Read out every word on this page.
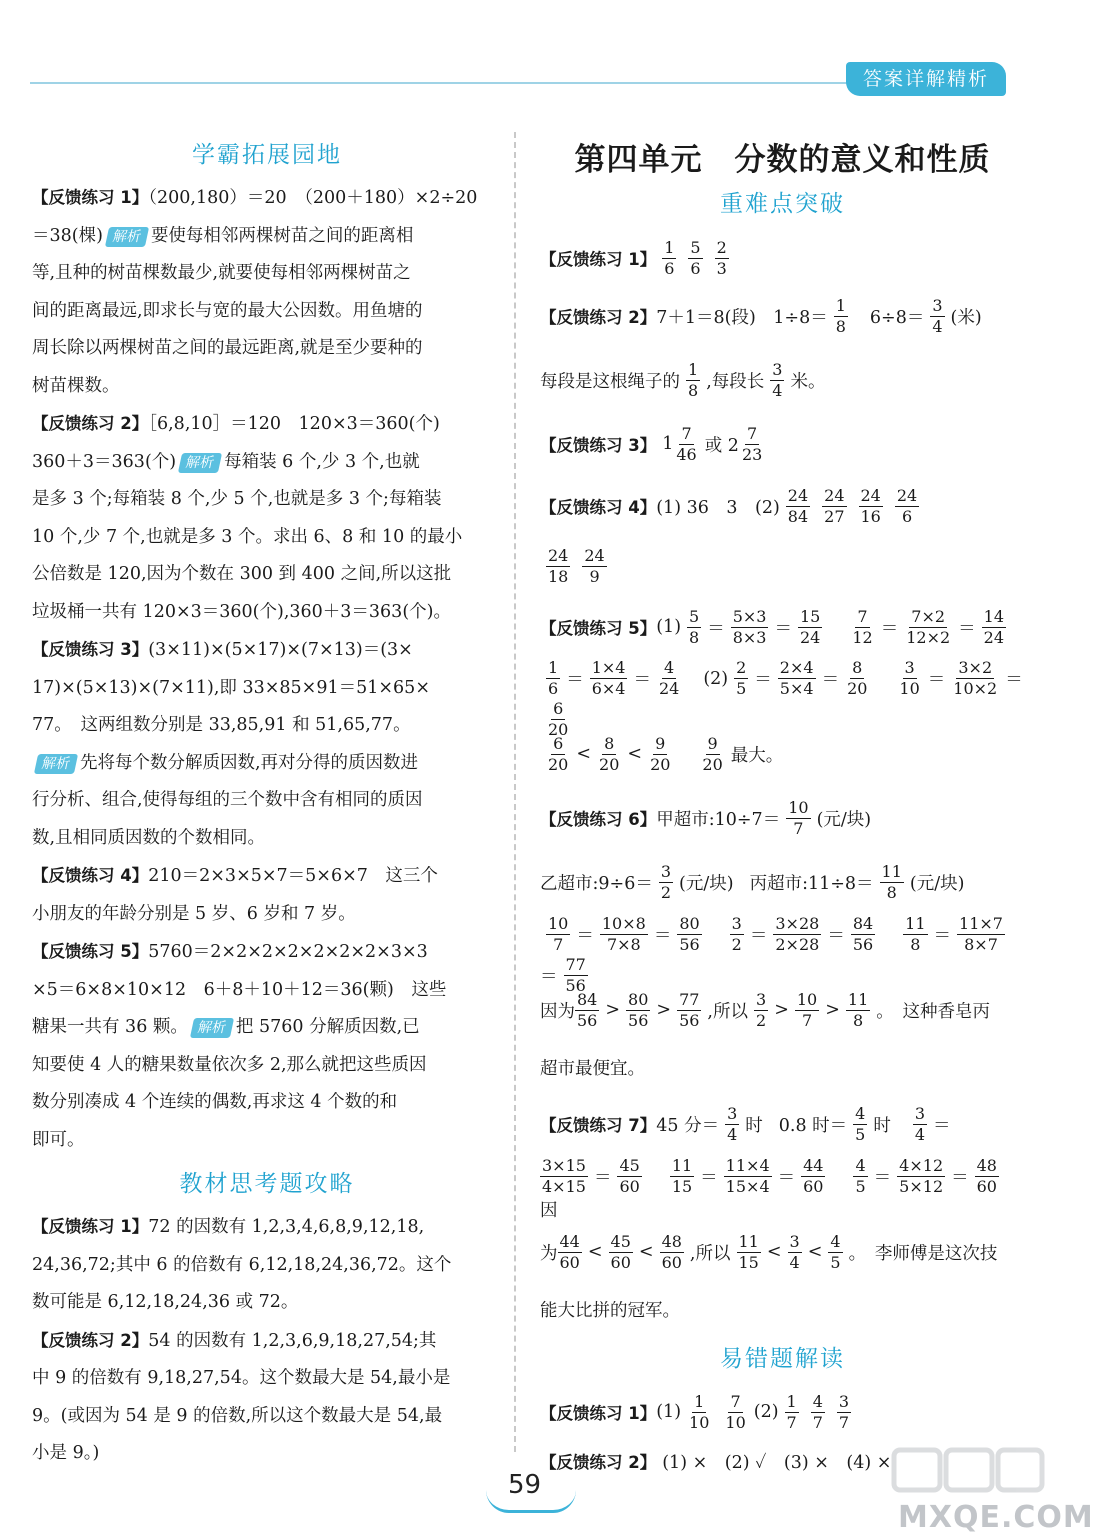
答案详解精析
学霸拓展园地

【反馈练习 1】（200,180）＝20　（200＋180）×2÷20
＝38(棵) 解析 要使每相邻两棵树苗之间的距离相
等,且种的树苗棵数最少,就要使每相邻两棵树苗之
间的距离最远,即求长与宽的最大公因数。用鱼塘的
周长除以两棵树苗之间的最远距离,就是至少要种的
树苗棵数。

【反馈练习 2】［6,8,10］＝120　120×3＝360(个)
360＋3＝363(个) 解析 每箱装 6 个,少 3 个,也就
是多 3 个;每箱装 8 个,少 5 个,也就是多 3 个;每箱装
10 个,少 7 个,也就是多 3 个。求出 6、8 和 10 的最小
公倍数是 120,因为个数在 300 到 400 之间,所以这批
垃圾桶一共有 120×3＝360(个),360＋3＝363(个)。

【反馈练习 3】(3×11)×(5×17)×(7×13)＝(3×
17)×(5×13)×(7×11),即 33×85×91＝51×65×
77。　这两组数分别是 33,85,91 和 51,65,77。
解析 先将每个数分解质因数,再对分得的质因数进
行分析、组合,使得每组的三个数中含有相同的质因
数,且相同质因数的个数相同。

【反馈练习 4】210＝2×3×5×7＝5×6×7　这三个
小朋友的年龄分别是 5 岁、6 岁和 7 岁。

【反馈练习 5】5760＝2×2×2×2×2×2×2×3×3
×5＝6×8×10×12　6＋8＋10＋12＝36(颗)　这些
糖果一共有 36 颗。 解析 把 5760 分解质因数,已
知要使 4 人的糖果数量依次多 2,那么就把这些质因
数分别凑成 4 个连续的偶数,再求这 4 个数的和
即可。

教材思考题攻略

【反馈练习 1】72 的因数有 1,2,3,4,6,8,9,12,18,
24,36,72;其中 6 的倍数有 6,12,18,24,36,72。这个
数可能是 6,12,18,24,36 或 72。

【反馈练习 2】54 的因数有 1,2,3,6,9,18,27,54;其
中 9 的倍数有 9,18,27,54。这个数最大是 54,最小是
9。(或因为 54 是 9 的倍数,所以这个数最大是 54,最
小是 9。)

第四单元　分数的意义和性质
重难点突破
【反馈练习 1】 $\frac{1}{6} \frac{5}{6} \frac{2}{3}$
【反馈练习 2】 7＋1＝8(段)　$1\div 8= \frac{1}{8} 6\div 8= \frac{3}{4}$ (米)
每段是这根绳子的 $\frac{1}{8}$ ,每段长 $\frac{3}{4}$ 米。
【反馈练习 3】 $1 \frac{7}{46}$ 或 $2 \frac{7}{23}$
【反馈练习 4】 (1) 36　3　$(2) \frac{24}{84} \frac{24}{27} \frac{24}{16} \frac{24}{6}$
$\frac{24}{18} \frac{24}{9}$
【反馈练习 5】 $(1) \frac{5}{8} = \frac{5\times 3}{8\times 3} = \frac{15}{24} \frac{7}{12} = \frac{7\times 2}{12\times 2} = \frac{14}{24}$
$\frac{1}{6} = \frac{1\times 4}{6\times 4} = \frac{4}{24} (2) \frac{2}{5} = \frac{2\times 4}{5\times 4} = \frac{8}{20} \frac{3}{10} = \frac{3\times 2}{10\times 2}$ ＝
$\frac{6}{20}$
$\frac{6}{20} < \frac{8}{20} < \frac{9}{20} \frac{9}{20}$ 最大。
【反馈练习 6】 甲超市:10÷7＝ $\frac{10}{7}$ (元/块)
乙超市:9÷6＝ $\frac{3}{2}$ (元/块) 丙超市:11÷8＝ $\frac{11}{8}$ (元/块)
$\frac{10}{7} = \frac{10\times 8}{7\times 8} = \frac{80}{56} \frac{3}{2} = \frac{3\times 28}{2\times 28} = \frac{84}{56} \frac{11}{8} = \frac{11\times 7}{8\times 7}$
＝ $\frac{77}{56}$
因为 $\frac{84}{56} > \frac{80}{56} > \frac{77}{56}$ ,所以 $\frac{3}{2} > \frac{10}{7} > \frac{11}{8}$ 。　这种香皂丙
超市最便宜。
【反馈练习 7】 45 分＝ $\frac{3}{4}$ 时 0.8 时＝ $\frac{4}{5}$ 时 $\frac{3}{4}$ ＝
$\frac{3\times 15}{4\times 15} = \frac{45}{60} \frac{11}{15} = \frac{11\times 4}{15\times 4} = \frac{44}{60} \frac{4}{5} = \frac{4\times 12}{5\times 12} = \frac{48}{60}$
因
为 $\frac{44}{60} < \frac{45}{60} < \frac{48}{60}$ ,所以 $\frac{11}{15} < \frac{3}{4} < \frac{4}{5}$ 。　李师傅是这次技
能大比拼的冠军。
易错题解读
【反馈练习 1】 $(1) \frac{1}{10} \frac{7}{10} (2) \frac{1}{7} \frac{4}{7} \frac{3}{7}$
【反馈练习 2】 (1) ×　(2) ✓　(3) ×　(4) ×
59
MXQE.COM
